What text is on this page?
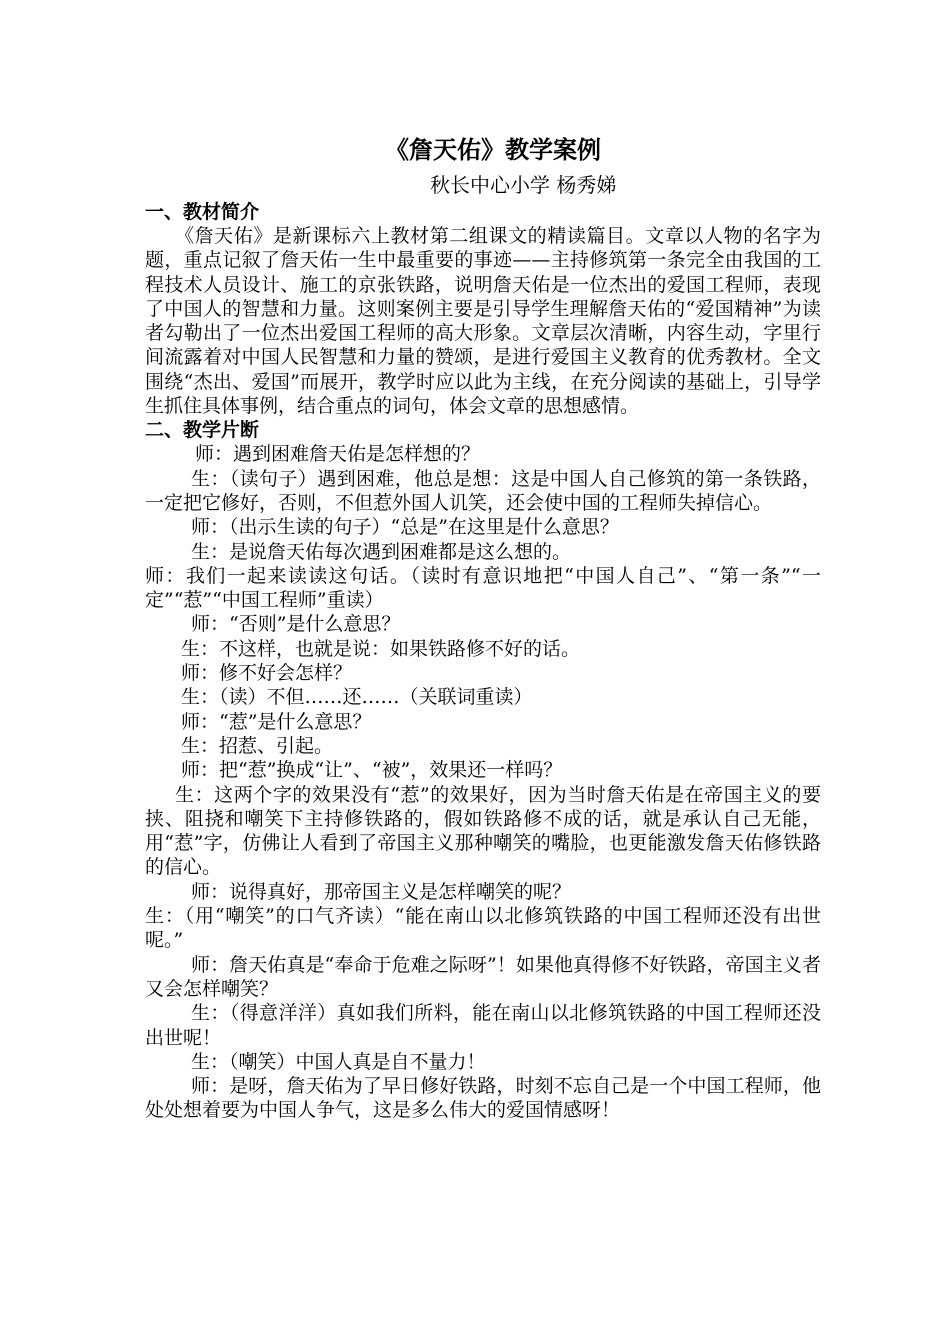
《詹天佑》教学案例

秋长中心小学 杨秀娣

一、教材简介

《詹天佑》是新课标六上教材第二组课文的精读篇目。文章以人物的名字为题，重点记叙了詹天佑一生中最重要的事迹——主持修筑第一条完全由我国的工程技术人员设计、施工的京张铁路，说明詹天佑是一位杰出的爱国工程师，表现了中国人的智慧和力量。这则案例主要是引导学生理解詹天佑的“爱国精神”为读者勾勒出了一位杰出爱国工程师的高大形象。文章层次清晰，内容生动，字里行间流露着对中国人民智慧和力量的赞颂，是进行爱国主义教育的优秀教材。全文围绕“杰出、爱国”而展开，教学时应以此为主线，在充分阅读的基础上，引导学生抓住具体事例，结合重点的词句，体会文章的思想感情。

二、教学片断

师：遇到困难詹天佑是怎样想的？

生：（读句子）遇到困难，他总是想：这是中国人自己修筑的第一条铁路，一定把它修好，否则，不但惹外国人讥笑，还会使中国的工程师失掉信心。

师：（出示生读的句子）“总是”在这里是什么意思？

生：是说詹天佑每次遇到困难都是这么想的。

师：我们一起来读读这句话。（读时有意识地把“中国人自己”、“第一条”“一定”“惹”“中国工程师”重读）

师：“否则”是什么意思？

生：不这样，也就是说：如果铁路修不好的话。

师：修不好会怎样？

生：（读）不但……还……（关联词重读）

师：“惹”是什么意思？

生：招惹、引起。

师：把“惹”换成“让”、“被”，效果还一样吗？

生：这两个字的效果没有“惹”的效果好，因为当时詹天佑是在帝国主义的要挟、阻挠和嘲笑下主持修铁路的，假如铁路修不成的话，就是承认自己无能，用“惹”字，仿佛让人看到了帝国主义那种嘲笑的嘴脸，也更能激发詹天佑修铁路的信心。

师：说得真好，那帝国主义是怎样嘲笑的呢？

生：（用“嘲笑”的口气齐读）“能在南山以北修筑铁路的中国工程师还没有出世呢。”

师：詹天佑真是“奉命于危难之际呀”！如果他真得修不好铁路，帝国主义者又会怎样嘲笑？

生：（得意洋洋）真如我们所料，能在南山以北修筑铁路的中国工程师还没出世呢！

生：（嘲笑）中国人真是自不量力！

师：是呀，詹天佑为了早日修好铁路，时刻不忘自己是一个中国工程师，他处处想着要为中国人争气，这是多么伟大的爱国情感呀！
